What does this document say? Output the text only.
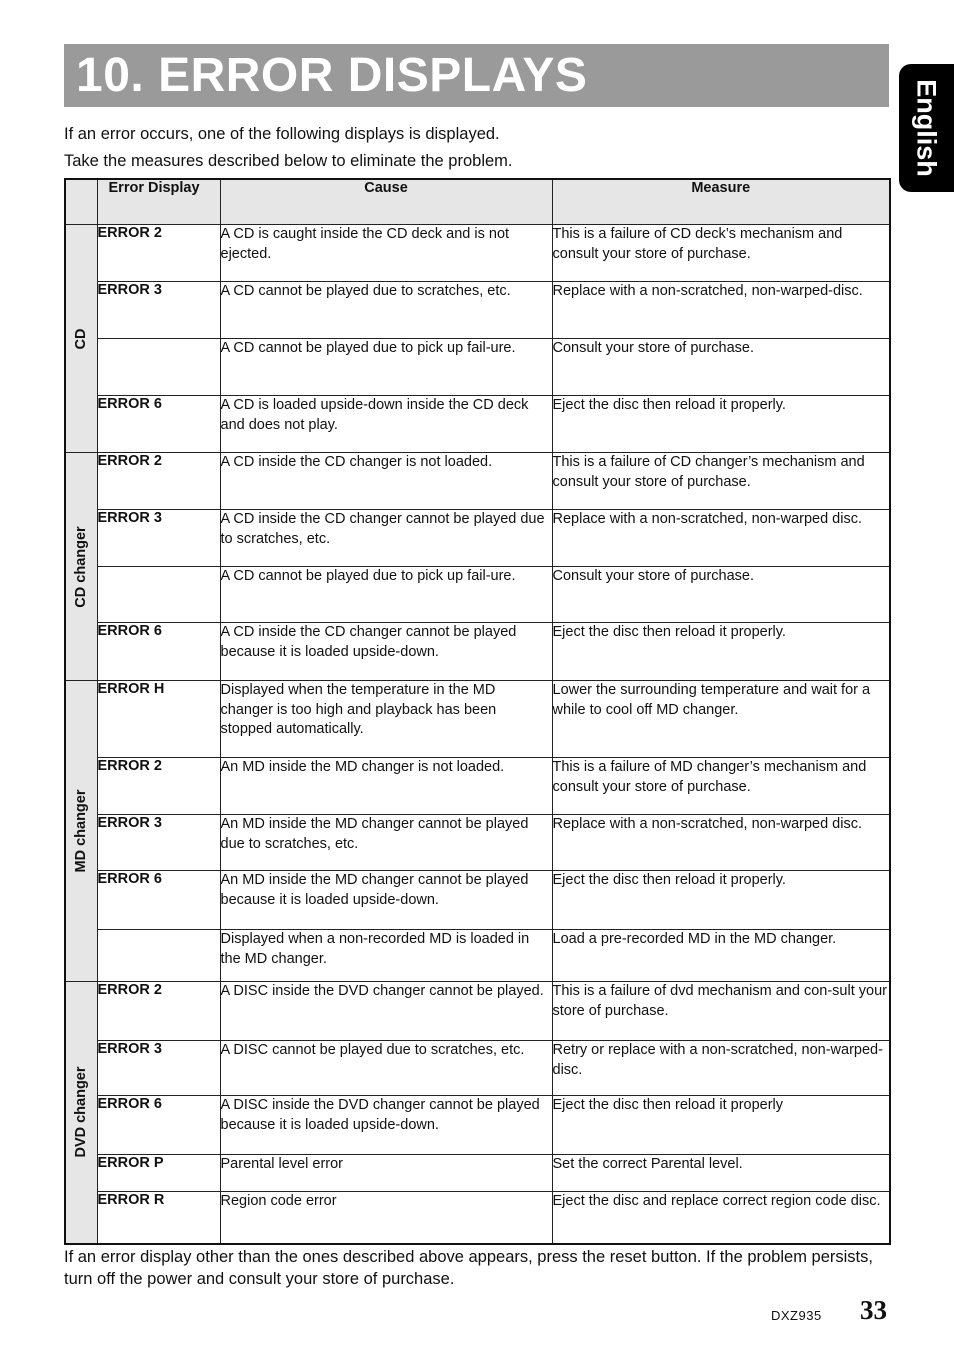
10. ERROR DISPLAYS
English
If an error occurs, one of the following displays is displayed.
Take the measures described below to eliminate the problem.
	Error Display	Cause	Measure

CD	ERROR 2	A CD is caught inside the CD deck and is not ejected.	This is a failure of CD deck’s mechanism and consult your store of purchase.
	ERROR 3	A CD cannot be played due to scratches, etc.	Replace with a non-scratched, non-warped-disc.
		A CD cannot be played due to pick up fail-ure.	Consult your store of purchase.
	ERROR 6	A CD is loaded upside-down inside the CD deck and does not play.	Eject the disc then reload it properly.

CD changer	ERROR 2	A CD inside the CD changer is not loaded.	This is a failure of CD changer’s mechanism and consult your store of purchase.
	ERROR 3	A CD inside the CD changer cannot be played due to scratches, etc.	Replace with a non-scratched, non-warped disc.
		A CD cannot be played due to pick up fail-ure.	Consult your store of purchase.
	ERROR 6	A CD inside the CD changer cannot be played because it is loaded upside-down.	Eject the disc then reload it properly.

MD changer	ERROR H	Displayed when the temperature in the MD changer is too high and playback has been stopped automatically.	Lower the surrounding temperature and wait for a while to cool off MD changer.
	ERROR 2	An MD inside the MD changer is not loaded.	This is a failure of MD changer’s mechanism and consult your store of purchase.
	ERROR 3	An MD inside the MD changer cannot be played due to scratches, etc.	Replace with a non-scratched, non-warped disc.
	ERROR 6	An MD inside the MD changer cannot be played because it is loaded upside-down.	Eject the disc then reload it properly.
		Displayed when a non-recorded MD is loaded in the MD changer.	Load a pre-recorded MD in the MD changer.

DVD changer	ERROR 2	A DISC inside the DVD changer cannot be played.	This is a failure of dvd mechanism and con-sult your store of purchase.
	ERROR 3	A DISC cannot be played due to scratches, etc.	Retry or replace with a non-scratched, non-warped-disc.
	ERROR 6	A DISC inside the DVD changer cannot be played because it is loaded upside-down.	Eject the disc then reload it properly
	ERROR P	Parental level error	Set the correct Parental level.
	ERROR R	Region code error	Eject the disc and replace correct region code disc.
If an error display other than the ones described above appears, press the reset button. If the problem persists, turn off the power and consult your store of purchase.
DXZ935 33
